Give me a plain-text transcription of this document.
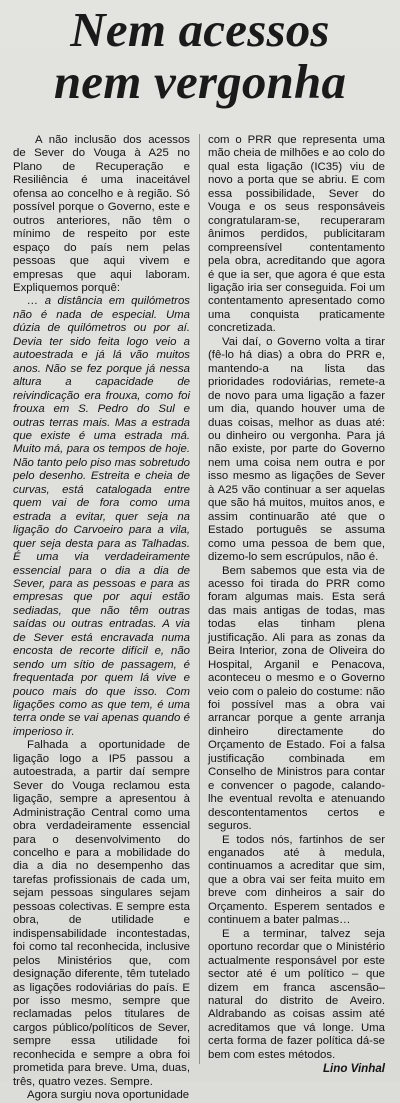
Nem acessos
nem vergonha

A não inclusão dos acessos de Sever do Vouga à A25 no Plano de Recuperação e Resiliência é uma inaceitável ofensa ao concelho e à região. Só possível porque o Governo, este e outros anteriores, não têm o mínimo de respeito por este espaço do país nem pelas pessoas que aqui vivem e empresas que aqui laboram. Expliquemos porquê:

… a distância em quilómetros não é nada de especial. Uma dúzia de quilómetros ou por aí. Devia ter sido feita logo veio a autoestrada e já lá vão muitos anos. Não se fez porque já nessa altura a capacidade de reivindicação era frouxa, como foi frouxa em S. Pedro do Sul e outras terras mais. Mas a estrada que existe é uma estrada má. Muito má, para os tempos de hoje. Não tanto pelo piso mas sobretudo pelo desenho. Estreita e cheia de curvas, está catalogada entre quem vai de fora como uma estrada a evitar, quer seja na ligação do Carvoeiro para a vila, quer seja desta para as Talhadas. É uma via verdadeiramente essencial para o dia a dia de Sever, para as pessoas e para as empresas que por aqui estão sediadas, que não têm outras saídas ou outras entradas. A via de Sever está encravada numa encosta de recorte difícil e, não sendo um sítio de passagem, é frequentada por quem lá vive e pouco mais do que isso. Com ligações como as que tem, é uma terra onde se vai apenas quando é imperioso ir.

Falhada a oportunidade de ligação logo a IP5 passou a autoestrada, a partir daí sempre Sever do Vouga reclamou esta ligação, sempre a apresentou à Administração Central como uma obra verdadeiramente essencial para o desenvolvimento do concelho e para a mobilidade do dia a dia no desempenho das tarefas profissionais de cada um, sejam pessoas singulares sejam pessoas colectivas. E sempre esta obra, de utilidade e indispensabilidade incontestadas, foi como tal reconhecida, inclusive pelos Ministérios que, com designação diferente, têm tutelado as ligações rodoviárias do país. E por isso mesmo, sempre que reclamadas pelos titulares de cargos público/políticos de Sever, sempre essa utilidade foi reconhecida e sempre a obra foi prometida para breve. Uma, duas, três, quatro vezes. Sempre.

Agora surgiu nova oportunidade

com o PRR que representa uma mão cheia de milhões e ao colo do qual esta ligação (IC35) viu de novo a porta que se abriu. E com essa possibilidade, Sever do Vouga e os seus responsáveis congratularam-se, recuperaram ânimos perdidos, publicitaram compreensível contentamento pela obra, acreditando que agora é que ia ser, que agora é que esta ligação iria ser conseguida. Foi um contentamento apresentado como uma conquista praticamente concretizada.

Vai daí, o Governo volta a tirar (fê-lo há dias) a obra do PRR e, mantendo-a na lista das prioridades rodoviárias, remete-a de novo para uma ligação a fazer um dia, quando houver uma de duas coisas, melhor as duas até: ou dinheiro ou vergonha. Para já não existe, por parte do Governo nem uma coisa nem outra e por isso mesmo as ligações de Sever à A25 vão continuar a ser aquelas que são há muitos, muitos anos, e assim continuarão até que o Estado português se assuma como uma pessoa de bem que, dizemo-lo sem escrúpulos, não é.

Bem sabemos que esta via de acesso foi tirada do PRR como foram algumas mais. Esta será das mais antigas de todas, mas todas elas tinham plena justificação. Ali para as zonas da Beira Interior, zona de Oliveira do Hospital, Arganil e Penacova, aconteceu o mesmo e o Governo veio com o paleio do costume: não foi possível mas a obra vai arrancar porque a gente arranja dinheiro directamente do Orçamento de Estado. Foi a falsa justificação combinada em Conselho de Ministros para contar e convencer o pagode, calando-lhe eventual revolta e atenuando descontentamentos certos e seguros.

E todos nós, fartinhos de ser enganados até à medula, continuamos a acreditar que sim, que a obra vai ser feita muito em breve com dinheiros a sair do Orçamento. Esperem sentados e continuem a bater palmas…

E a terminar, talvez seja oportuno recordar que o Ministério actualmente responsável por este sector até é um político – que dizem em franca ascensão– natural do distrito de Aveiro. Aldrabando as coisas assim até acreditamos que vá longe. Uma certa forma de fazer política dá-se bem com estes métodos.

Lino Vinhal
